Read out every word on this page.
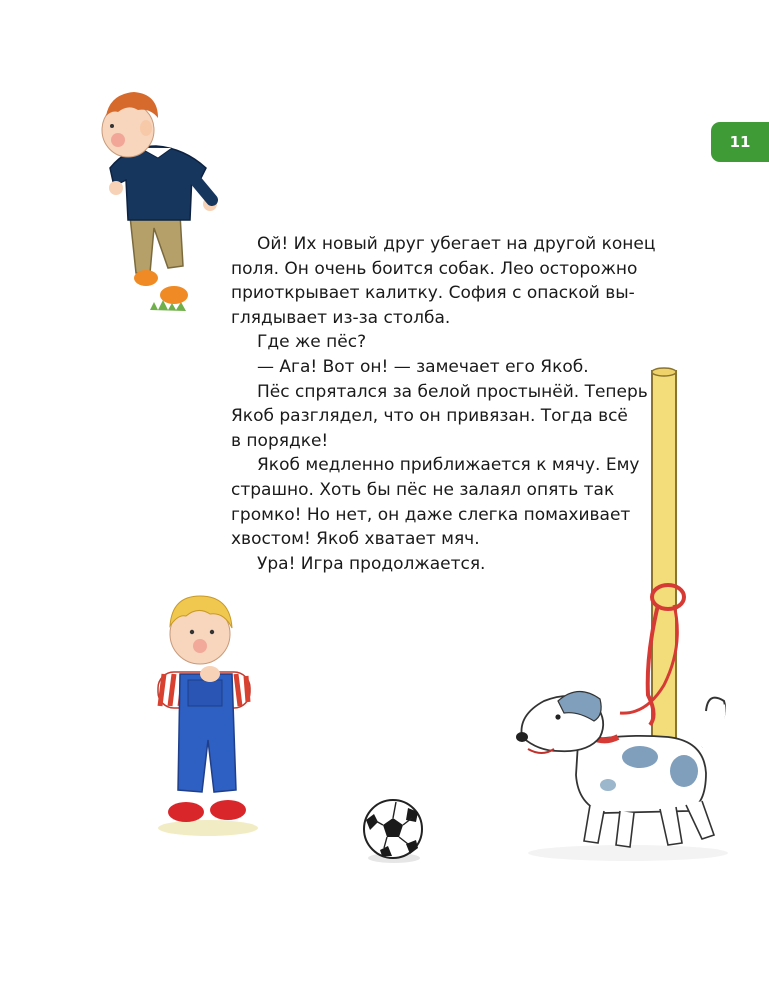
11

Ой! Их новый друг убегает на другой конец

поля. Он очень боится собак. Лео осторожно

приоткрывает калитку. София с опаской вы-

глядывает из-за столба.

Где же пёс?

— Ага! Вот он! — замечает его Якоб.

Пёс спрятался за белой простынёй. Теперь

Якоб разглядел, что он привязан. Тогда всё

в порядке!

Якоб медленно приближается к мячу. Ему

страшно. Хоть бы пёс не залаял опять так

громко! Но нет, он даже слегка помахивает

хвостом! Якоб хватает мяч.

Ура! Игра продолжается.
